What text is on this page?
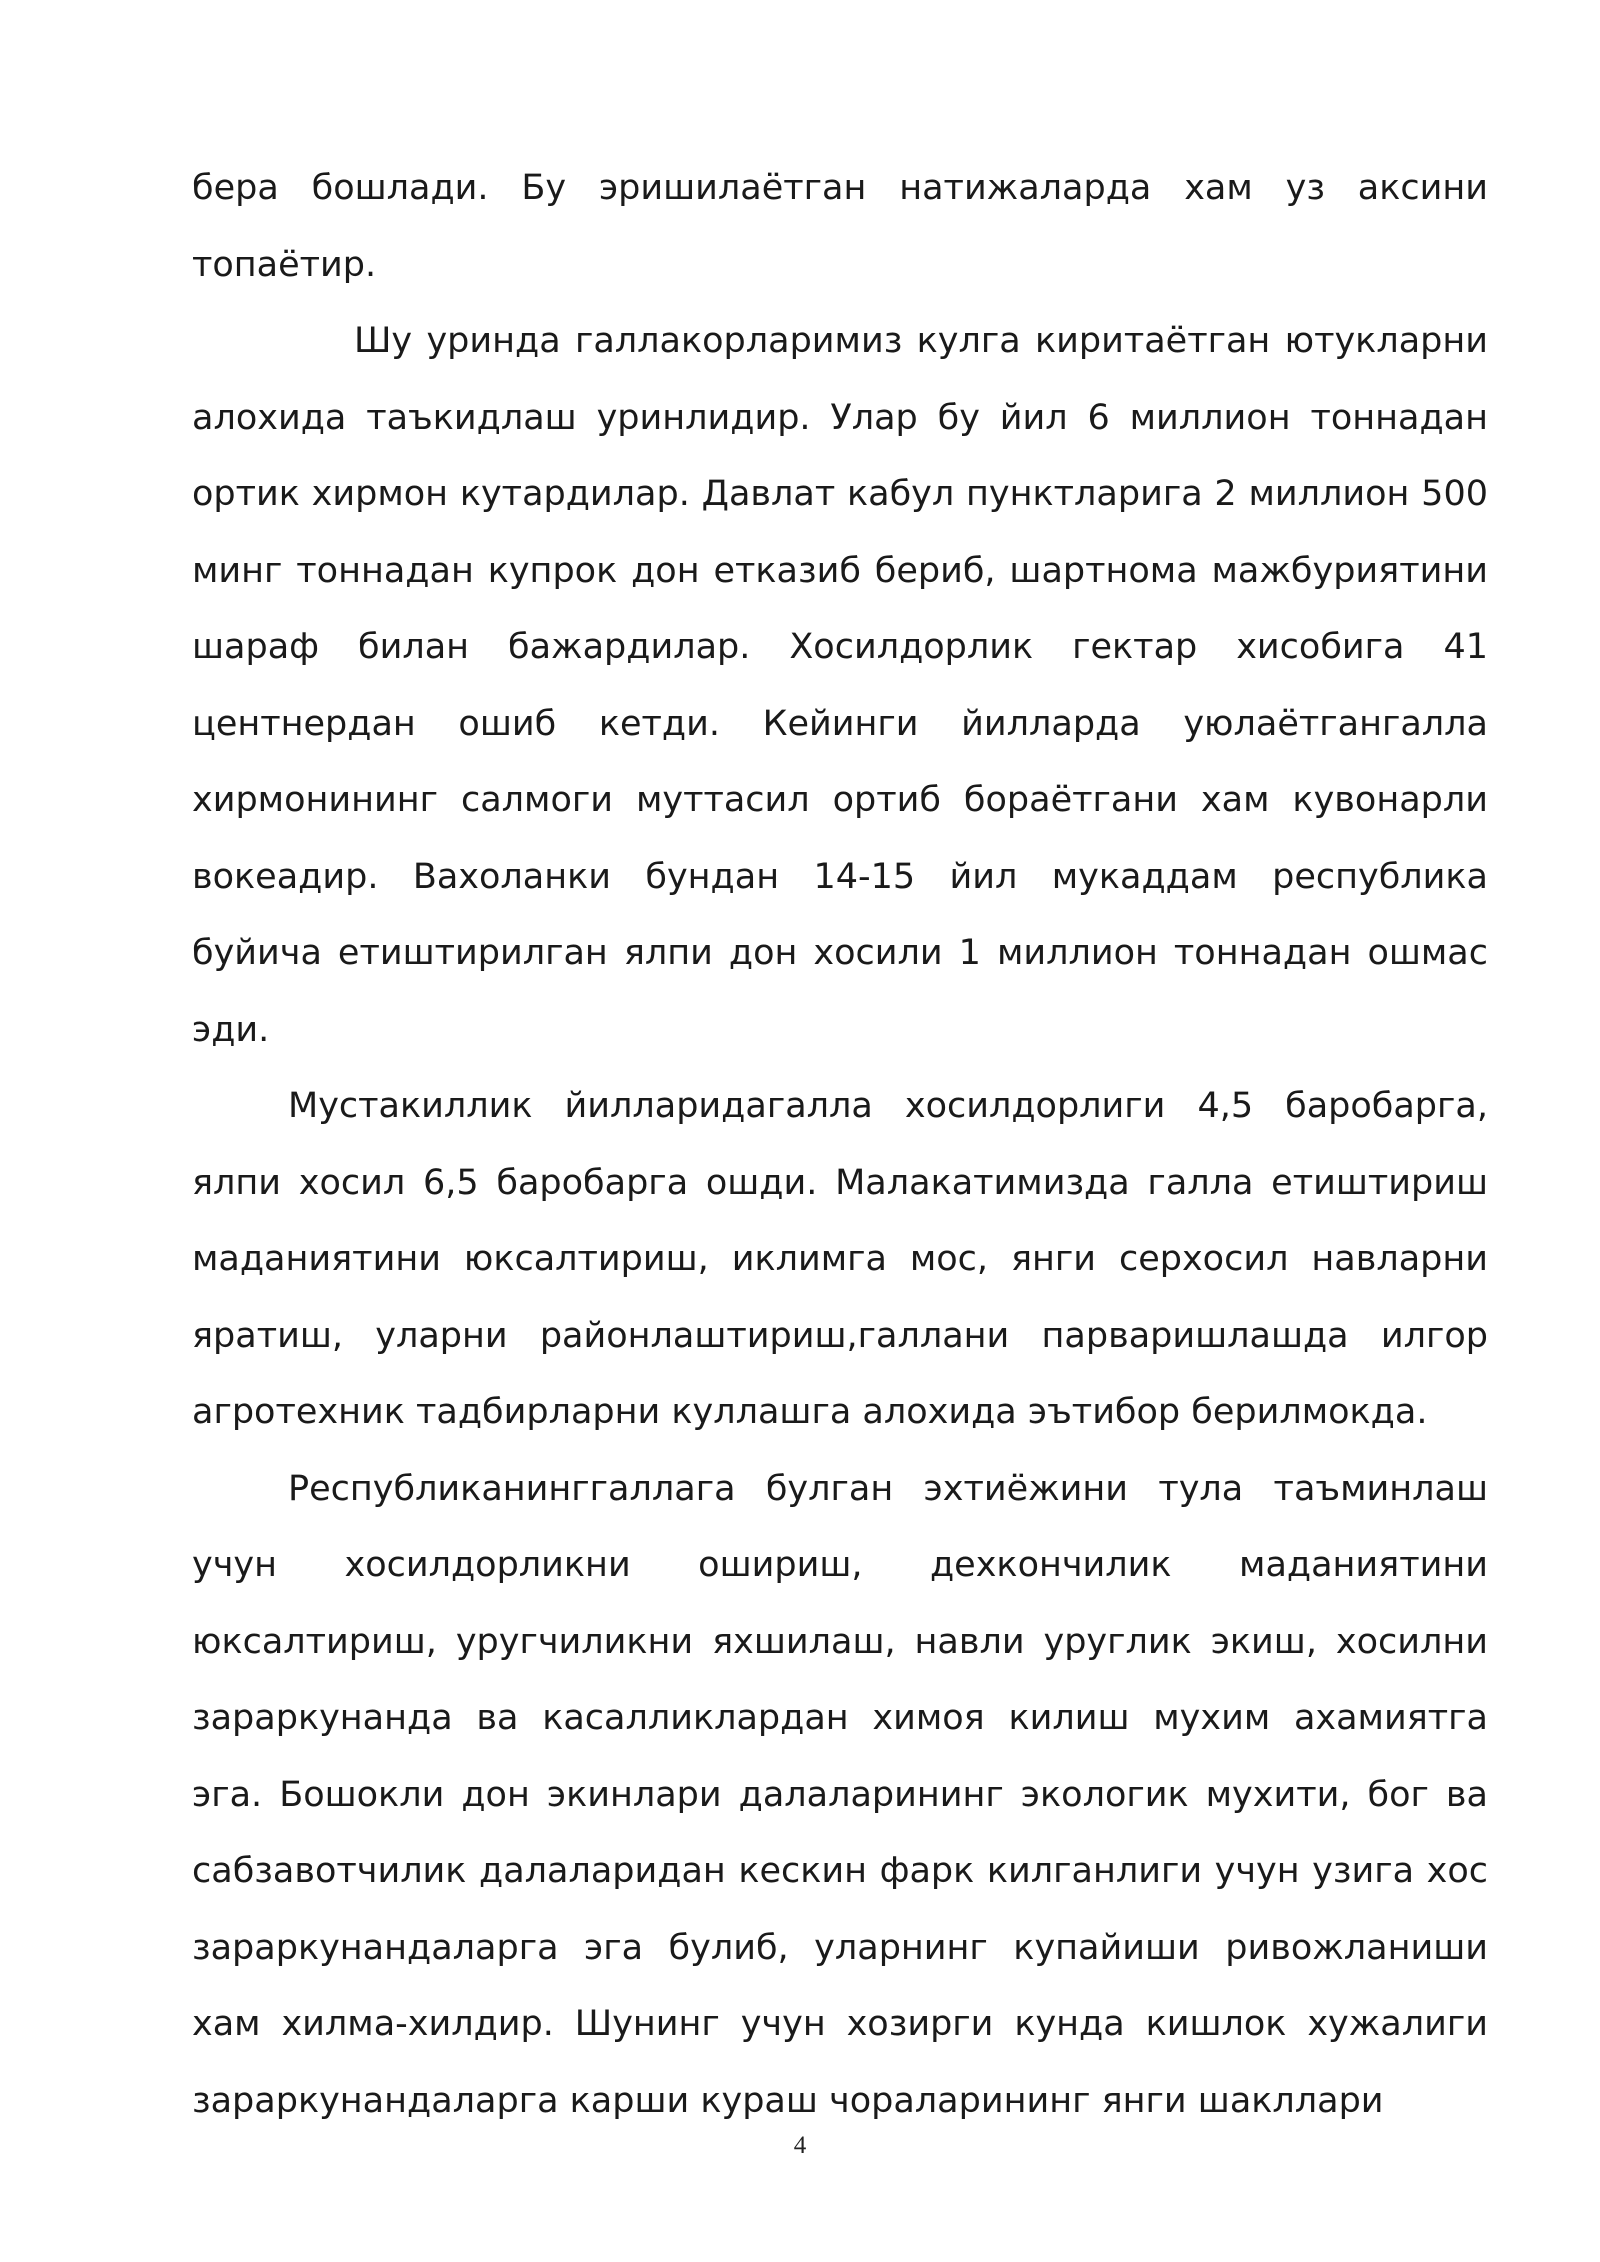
бера бошлади. Бу эришилаётган натижаларда хам уз аксини топаётир.

Шу уринда галлакорларимиз кулга киритаётган ютукларни алохида таъкидлаш уринлидир. Улар бу йил 6 миллион тоннадан ортик хирмон кутардилар. Давлат кабул пунктларига 2 миллион 500 минг тоннадан купрок дон етказиб бериб, шартнома мажбуриятини шараф билан бажардилар. Хосилдорлик гектар хисобига 41 центнердан ошиб кетди. Кейинги йилларда уюлаётгангалла хирмонининг салмоги муттасил ортиб бораётгани хам кувонарли вокеадир. Вахоланки бундан 14-15 йил мукаддам республика буйича етиштирилган ялпи дон хосили 1 миллион тоннадан ошмас эди.

Мустакиллик йилларидагалла хосилдорлиги 4,5 баробарга, ялпи хосил 6,5 баробарга ошди. Малакатимизда галла етиштириш маданиятини юксалтириш, иклимга мос, янги серхосил навларни яратиш, уларни районлаштириш,галлани парваришлашда илгор агротехник тадбирларни куллашга алохида эътибор берилмокда.

Республиканинггаллага булган эхтиёжини тула таъминлаш учун хосилдорликни ошириш, дехкончилик маданиятини юксалтириш, уругчиликни яхшилаш, навли уруглик экиш, хосилни зараркунанда ва касалликлардан химоя килиш мухим ахамиятга эга. Бошокли дон экинлари далаларининг экологик мухити, бог ва сабзавотчилик далаларидан кескин фарк килганлиги учун узига хос зараркунандаларга эга булиб, уларнинг купайиши ривожланиши хам хилма-хилдир. Шунинг учун хозирги кунда кишлок хужалиги зараркунандаларга карши кураш чораларининг янги шакллари

4
